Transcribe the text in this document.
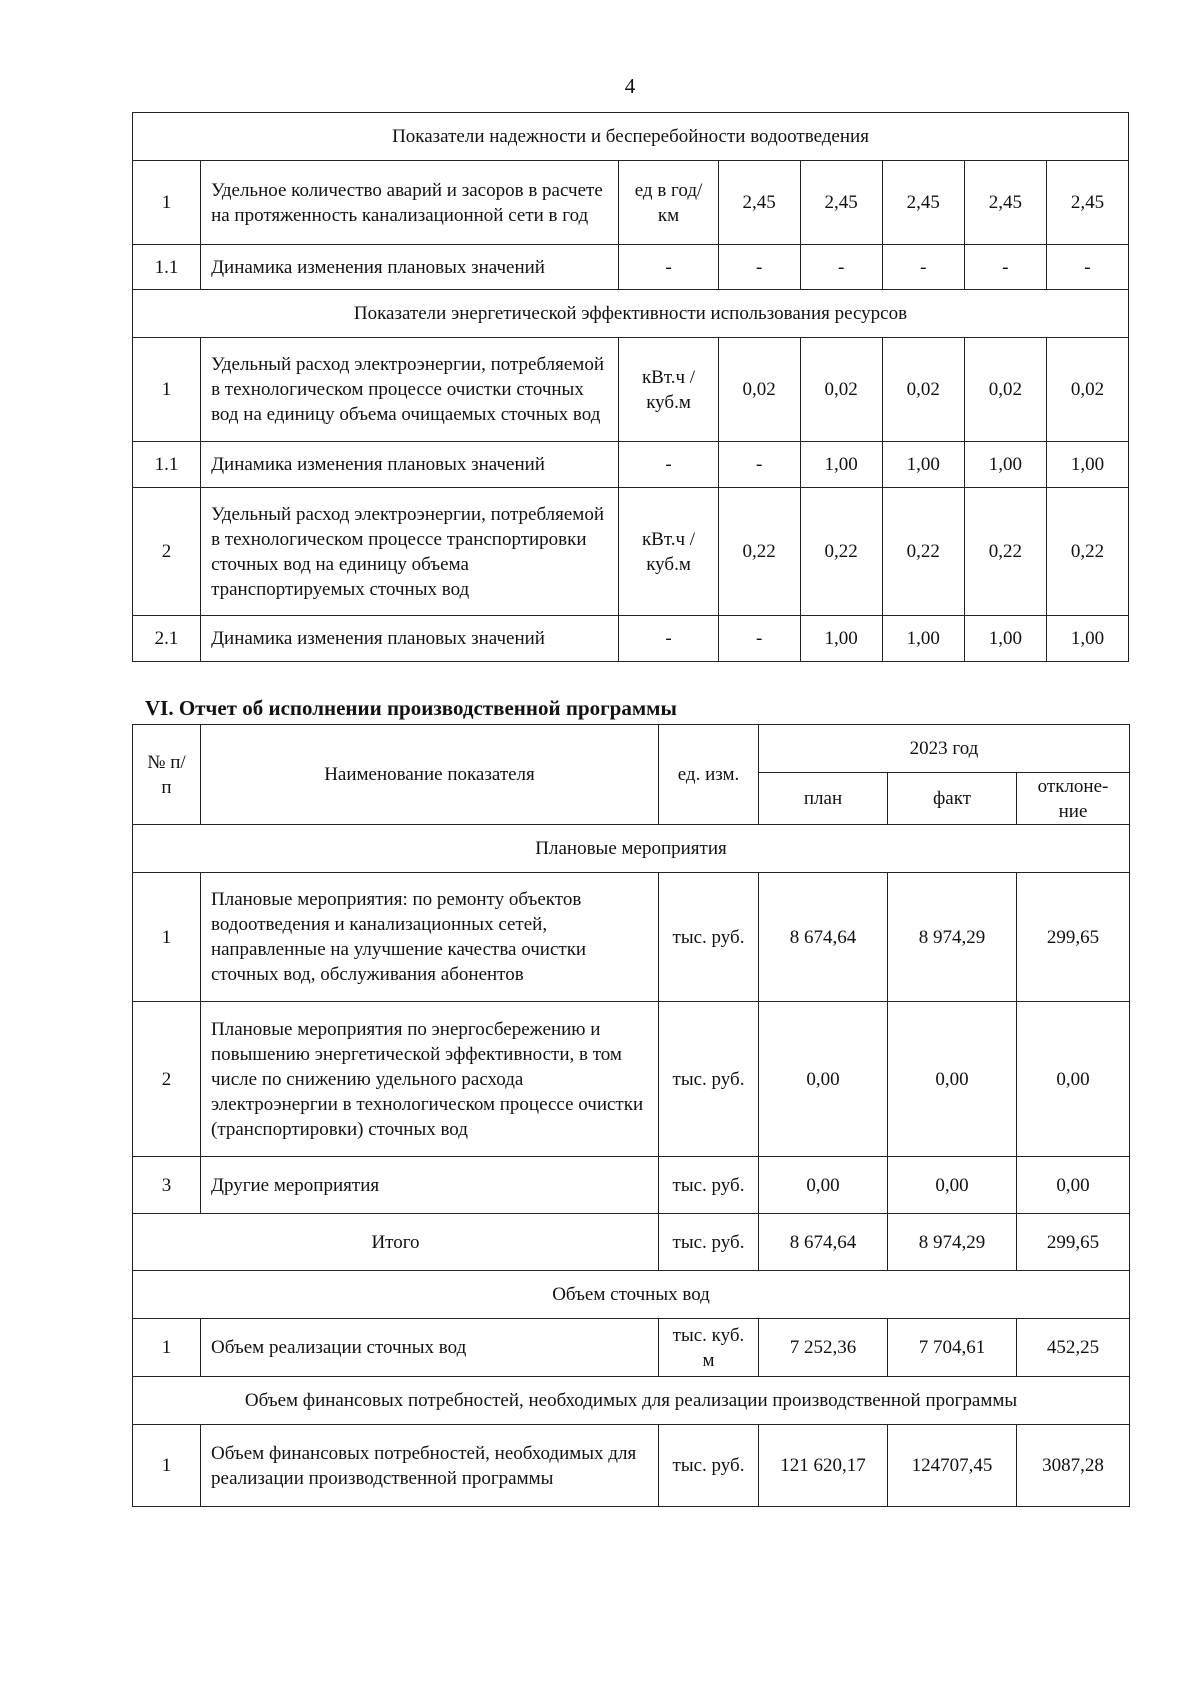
4
Показатели надежности и бесперебойности водоотведения							
1	Удельное количество аварий и засоров в расчете на протяженность канализационной сети в год	ед в год/ км	2,45	2,45	2,45	2,45	2,45
1.1	Динамика изменения плановых значений	-	-	-	-	-	-
Показатели энергетической эффективности использования ресурсов							
1	Удельный расход электроэнергии, потребляемой в технологическом процессе очистки сточных вод на единицу объема очищаемых сточных вод	кВт.ч / куб.м	0,02	0,02	0,02	0,02	0,02
1.1	Динамика изменения плановых значений	-	-	1,00	1,00	1,00	1,00
2	Удельный расход электроэнергии, потребляемой в технологическом процессе транспортировки сточных вод на единицу объема транспортируемых сточных вод	кВт.ч / куб.м	0,22	0,22	0,22	0,22	0,22
2.1	Динамика изменения плановых значений	-	-	1,00	1,00	1,00	1,00
VI. Отчет об исполнении производственной программы
№ п/п	Наименование показателя	ед. изм.	2023 год		
			план	факт	отклоне-ние
Плановые мероприятия					
1	Плановые мероприятия: по ремонту объектов водоотведения и канализационных сетей, направленные на улучшение качества очистки сточных вод, обслуживания абонентов	тыс. руб.	8 674,64	8 974,29	299,65
2	Плановые мероприятия по энергосбережению и повышению энергетической эффективности, в том числе по снижению удельного расхода электроэнергии в технологическом процессе очистки (транспортировки) сточных вод	тыс. руб.	0,00	0,00	0,00
3	Другие мероприятия	тыс. руб.	0,00	0,00	0,00
Итого		тыс. руб.	8 674,64	8 974,29	299,65
Объем сточных вод					
1	Объем реализации сточных вод	тыс. куб. м	7 252,36	7 704,61	452,25
Объем финансовых потребностей, необходимых для реализации производственной программы					
1	Объем финансовых потребностей, необходимых для реализации производственной программы	тыс. руб.	121 620,17	124707,45	3087,28
